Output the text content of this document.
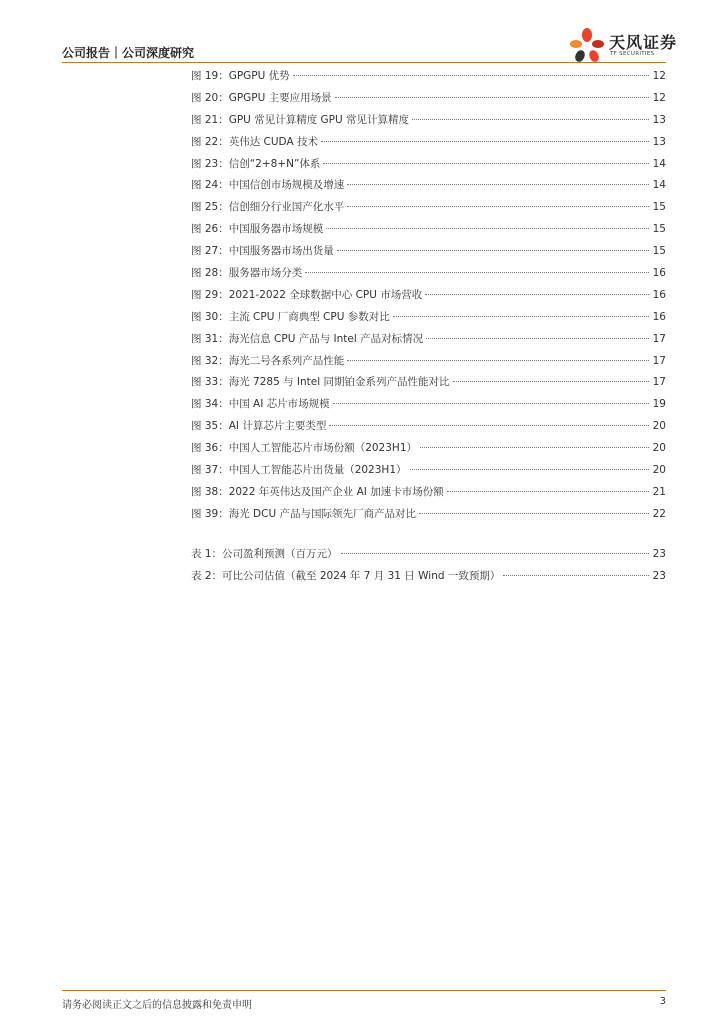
公司报告｜公司深度研究
天风证券
TF SECURITIES
图 19：GPGPU 优势	12
图 20：GPGPU 主要应用场景	12
图 21：GPU 常见计算精度 GPU 常见计算精度	13
图 22：英伟达 CUDA 技术	13
图 23：信创“2+8+N”体系	14
图 24：中国信创市场规模及增速	14
图 25：信创细分行业国产化水平	15
图 26：中国服务器市场规模	15
图 27：中国服务器市场出货量	15
图 28：服务器市场分类	16
图 29：2021-2022 全球数据中心 CPU 市场营收	16
图 30：主流 CPU 厂商典型 CPU 参数对比	16
图 31：海光信息 CPU 产品与 Intel 产品对标情况	17
图 32：海光二号各系列产品性能	17
图 33：海光 7285 与 Intel 同期铂金系列产品性能对比	17
图 34：中国 AI 芯片市场规模	19
图 35：AI 计算芯片主要类型	20
图 36：中国人工智能芯片市场份额（2023H1）	20
图 37：中国人工智能芯片出货量（2023H1）	20
图 38：2022 年英伟达及国产企业 AI 加速卡市场份额	21
图 39：海光 DCU 产品与国际领先厂商产品对比	22
表 1：公司盈利预测（百万元）	23
表 2：可比公司估值（截至 2024 年 7 月 31 日 Wind 一致预期）	23
请务必阅读正文之后的信息披露和免责申明	3
